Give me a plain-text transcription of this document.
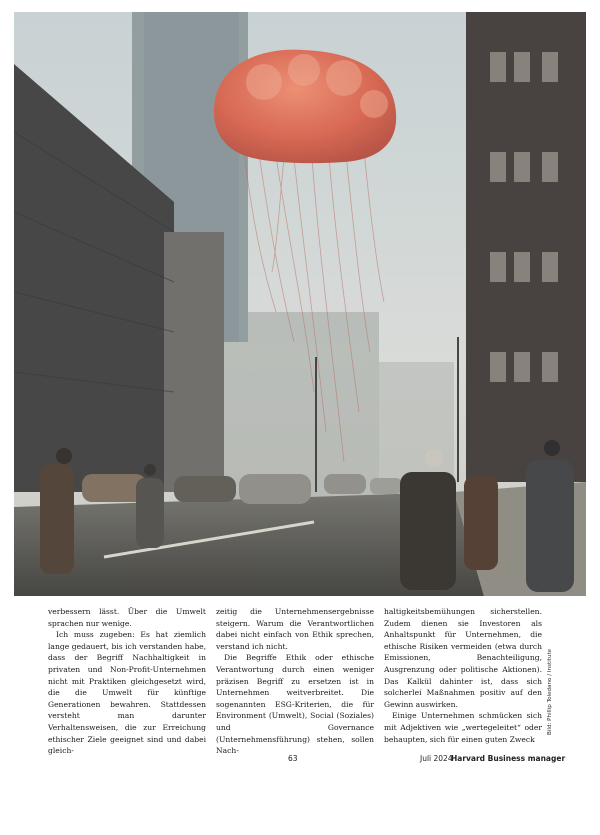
verbessern lässt. Über die Umwelt sprachen nur wenige.

Ich muss zugeben: Es hat ziemlich lange gedauert, bis ich verstanden habe, dass der Begriff Nachhaltigkeit in privaten und Non-Profit-Unternehmen nicht mit Praktiken gleichgesetzt wird, die die Umwelt für künftige Generationen bewahren. Stattdessen versteht man darunter Verhaltensweisen, die zur Erreichung ethischer Ziele geeignet sind und dabei gleich-

zeitig die Unternehmensergebnisse steigern. Warum die Verantwortlichen dabei nicht einfach von Ethik sprechen, verstand ich nicht.

Die Begriffe Ethik oder ethische Verantwortung durch einen weniger präzisen Begriff zu ersetzen ist in Unternehmen weitverbreitet. Die sogenannten ESG-Kriterien, die für Environment (Umwelt), Social (Soziales) und Governance (Unternehmensführung) stehen, sollen Nach-

haltigkeitsbemühungen sicherstellen. Zudem dienen sie Investoren als Anhaltspunkt für Unternehmen, die ethische Risiken vermeiden (etwa durch Emissionen, Benachteiligung, Ausgrenzung oder politische Aktionen). Das Kalkül dahinter ist, dass sich solcherlei Maßnahmen positiv auf den Gewinn auswirken.

Einige Unternehmen schmücken sich mit Adjektiven wie „wertegeleitet“ oder behaupten, sich für einen guten Zweck

Bild: Phillip Toledano / Institute
63	Juli 2024
Harvard Business manager
